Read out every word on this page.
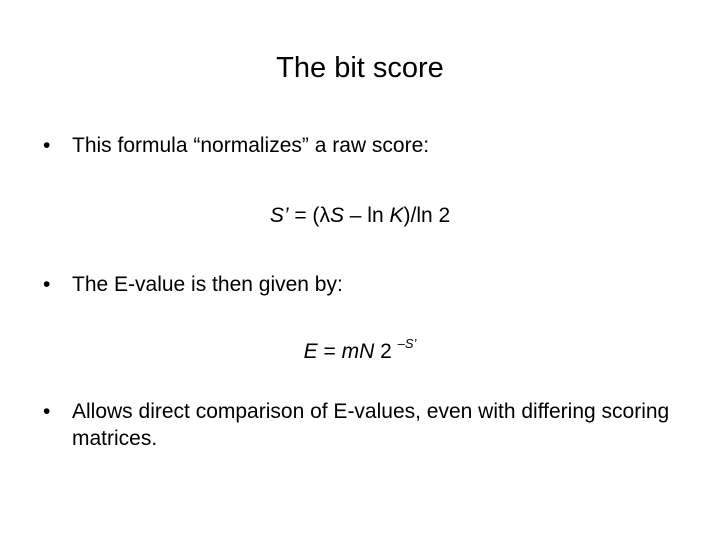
The bit score
• This formula “normalizes” a raw score:
S’ = (λS – ln K)/ln 2
• The E-value is then given by:
E = mN 2 $^{-S’}$
• Allows direct comparison of E-values, even with differing scoring matrices.
